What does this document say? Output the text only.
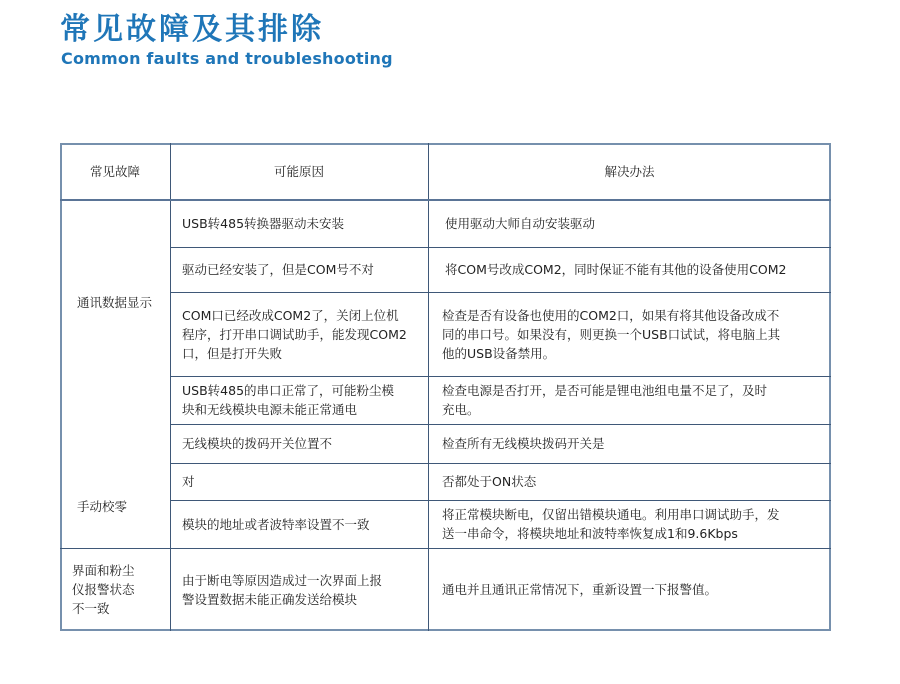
常见故障及其排除
Common faults and troubleshooting
常见故障	可能原因	解决办法
通讯数据显示
手动校零
界面和粉尘
仪报警状态
不一致
USB转485转换器驱动未安装
驱动已经安装了，但是COM号不对
COM口已经改成COM2了，关闭上位机
程序，打开串口调试助手，能发现COM2
口，但是打开失败
USB转485的串口正常了，可能粉尘模
块和无线模块电源未能正常通电
无线模块的拨码开关位置不
对
模块的地址或者波特率设置不一致
由于断电等原因造成过一次界面上报
警设置数据未能正确发送给模块
使用驱动大师自动安装驱动
将COM号改成COM2，同时保证不能有其他的设备使用COM2
检查是否有设备也使用的COM2口，如果有将其他设备改成不
同的串口号。如果没有，则更换一个USB口试试，将电脑上其
他的USB设备禁用。
检查电源是否打开，是否可能是锂电池组电量不足了，及时
充电。
检查所有无线模块拨码开关是
否都处于ON状态
将正常模块断电，仅留出错模块通电。利用串口调试助手，发
送一串命令，将模块地址和波特率恢复成1和9.6Kbps
通电并且通讯正常情况下，重新设置一下报警值。
